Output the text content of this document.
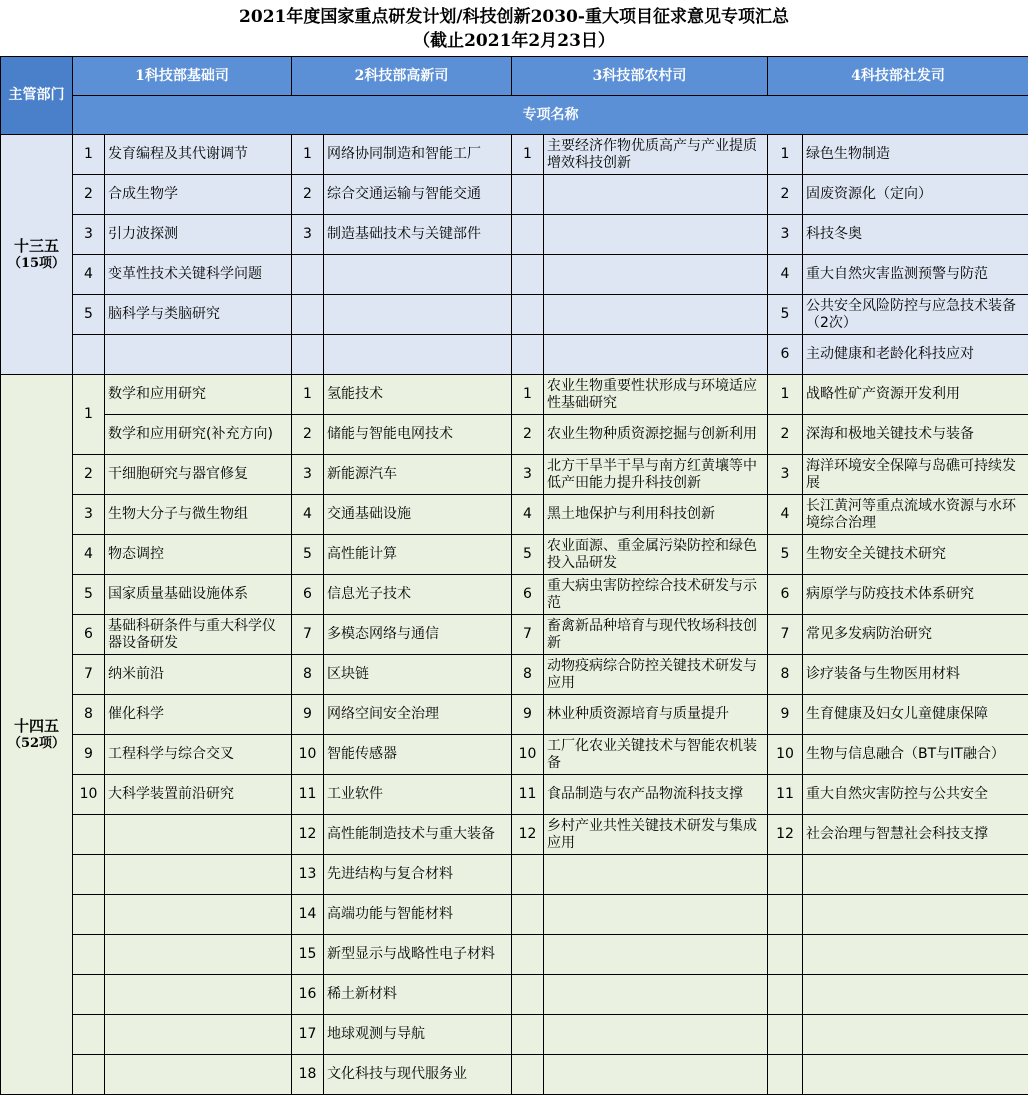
2021年度国家重点研发计划/科技创新2030-重大项目征求意见专项汇总
（截止2021年2月23日）
主管部门	1科技部基础司		2科技部高新司		3科技部农村司		4科技部社发司	
	专项名称							

十三五
（15项）	1	发育编程及其代谢调节	1	网络协同制造和智能工厂	1	主要经济作物优质高产与产业提质增效科技创新	1	绿色生物制造
	2	合成生物学	2	综合交通运输与智能交通			2	固废资源化（定向）
	3	引力波探测	3	制造基础技术与关键部件			3	科技冬奥
	4	变革性技术关键科学问题					4	重大自然灾害监测预警与防范
	5	脑科学与类脑研究					5	公共安全风险防控与应急技术装备（2次）
							6	主动健康和老龄化科技应对

十四五
（52项）	1	数学和应用研究	1	氢能技术	1	农业生物重要性状形成与环境适应性基础研究	1	战略性矿产资源开发利用
		数学和应用研究(补充方向)	2	储能与智能电网技术	2	农业生物种质资源挖掘与创新利用	2	深海和极地关键技术与装备
	2	干细胞研究与器官修复	3	新能源汽车	3	北方干旱半干旱与南方红黄壤等中低产田能力提升科技创新	3	海洋环境安全保障与岛礁可持续发展
	3	生物大分子与微生物组	4	交通基础设施	4	黑土地保护与利用科技创新	4	长江黄河等重点流域水资源与水环境综合治理
	4	物态调控	5	高性能计算	5	农业面源、重金属污染防控和绿色投入品研发	5	生物安全关键技术研究
	5	国家质量基础设施体系	6	信息光子技术	6	重大病虫害防控综合技术研发与示范	6	病原学与防疫技术体系研究
	6	基础科研条件与重大科学仪器设备研发	7	多模态网络与通信	7	畜禽新品种培育与现代牧场科技创新	7	常见多发病防治研究
	7	纳米前沿	8	区块链	8	动物疫病综合防控关键技术研发与应用	8	诊疗装备与生物医用材料
	8	催化科学	9	网络空间安全治理	9	林业种质资源培育与质量提升	9	生育健康及妇女儿童健康保障
	9	工程科学与综合交叉	10	智能传感器	10	工厂化农业关键技术与智能农机装备	10	生物与信息融合（BT与IT融合）
	10	大科学装置前沿研究	11	工业软件	11	食品制造与农产品物流科技支撑	11	重大自然灾害防控与公共安全
			12	高性能制造技术与重大装备	12	乡村产业共性关键技术研发与集成应用	12	社会治理与智慧社会科技支撑
			13	先进结构与复合材料				
			14	高端功能与智能材料				
			15	新型显示与战略性电子材料				
			16	稀土新材料				
			17	地球观测与导航				
			18	文化科技与现代服务业				
